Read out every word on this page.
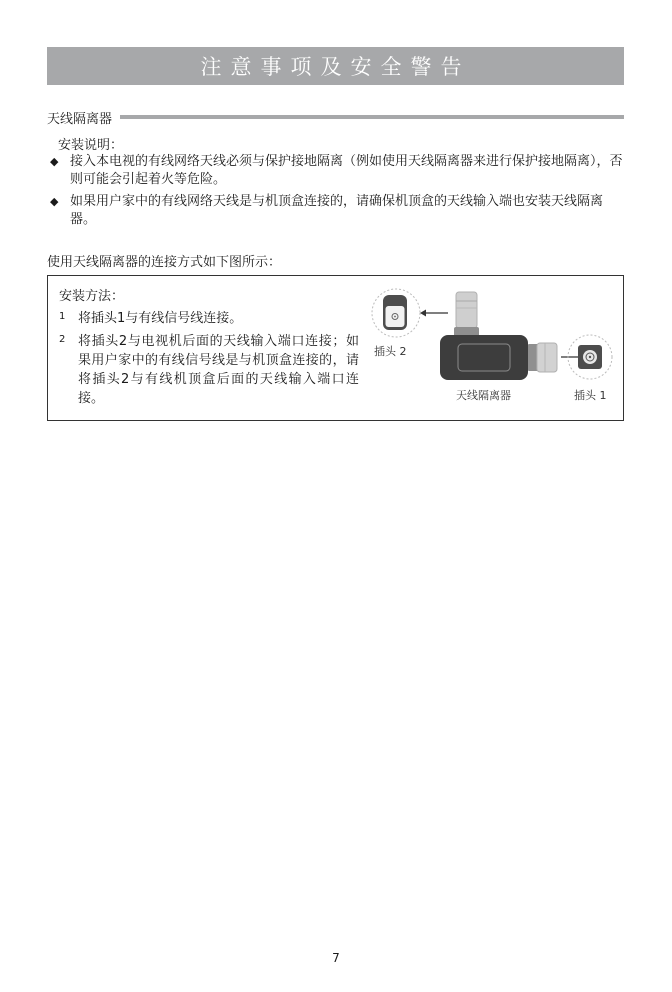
注意事项及安全警告
天线隔离器
安装说明：
◆ 接入本电视的有线网络天线必须与保护接地隔离（例如使用天线隔离器来进行保护接地隔离），否则可能会引起着火等危险。
◆ 如果用户家中的有线网络天线是与机顶盒连接的，请确保机顶盒的天线输入端也安装天线隔离器。
使用天线隔离器的连接方式如下图所示：
安装方法：
1 将插头1与有线信号线连接。
2 将插头2与电视机后面的天线输入端口连接；如果用户家中的有线信号线是与机顶盒连接的，请将插头2与有线机顶盒后面的天线输入端口连接。
插头 2
天线隔离器	插头 1
7
